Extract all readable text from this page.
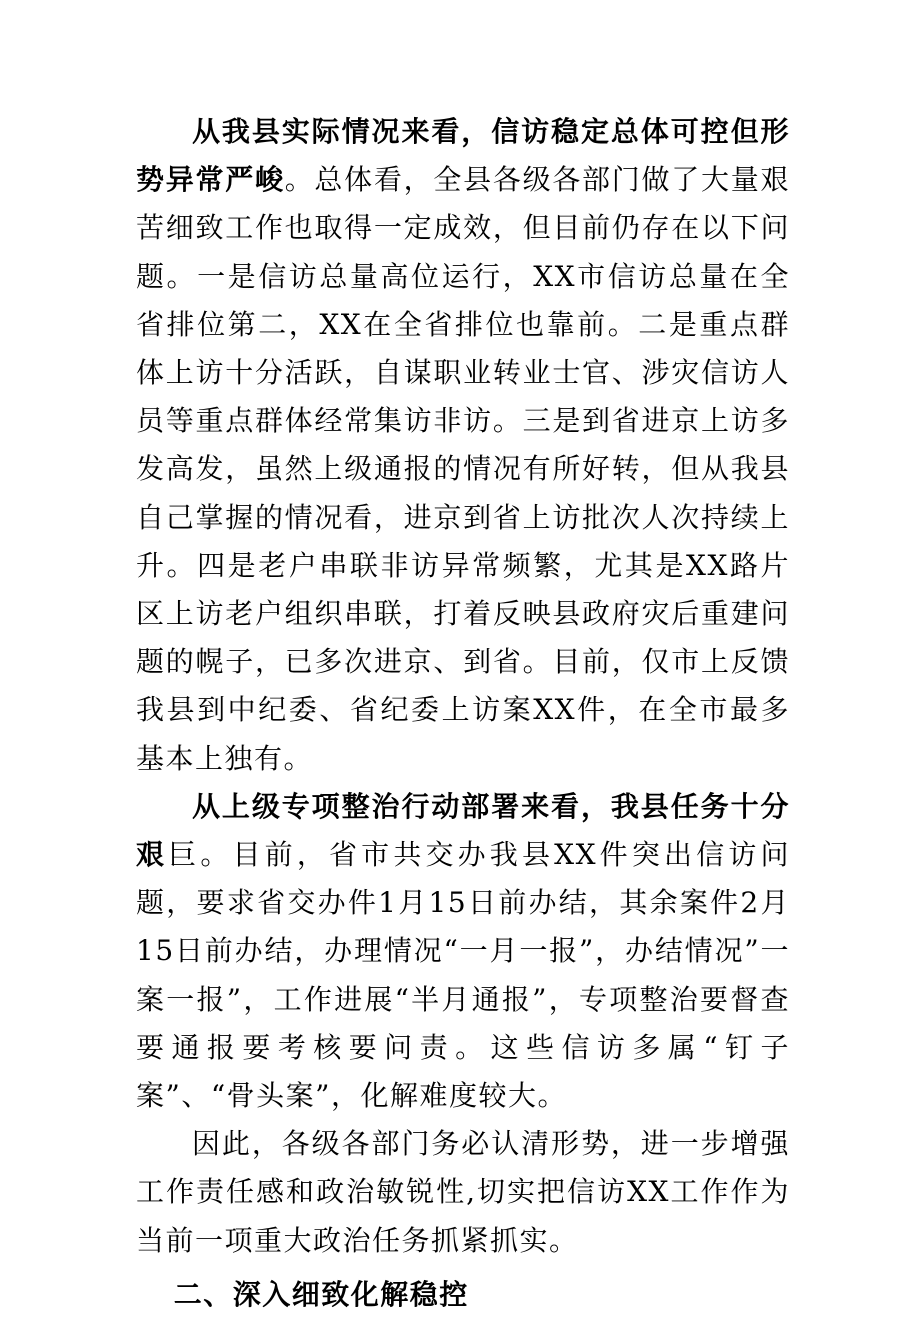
从我县实际情况来看，信访稳定总体可控但形势异常严峻。总体看，全县各级各部门做了大量艰苦细致工作也取得一定成效，但目前仍存在以下问题。一是信访总量高位运行，XX市信访总量在全省排位第二，XX在全省排位也靠前。二是重点群体上访十分活跃，自谋职业转业士官、涉灾信访人员等重点群体经常集访非访。三是到省进京上访多发高发，虽然上级通报的情况有所好转，但从我县自己掌握的情况看，进京到省上访批次人次持续上升。四是老户串联非访异常频繁，尤其是XX路片区上访老户组织串联，打着反映县政府灾后重建问题的幌子，已多次进京、到省。目前，仅市上反馈我县到中纪委、省纪委上访案XX件，在全市最多基本上独有。

从上级专项整治行动部署来看，我县任务十分艰巨。目前，省市共交办我县XX件突出信访问题，要求省交办件1月15日前办结，其余案件2月15日前办结，办理情况“一月一报”，办结情况”一案一报”，工作进展“半月通报”，专项整治要督查要通报要考核要问责。这些信访多属“钉子案”、“骨头案”，化解难度较大。

因此，各级各部门务必认清形势，进一步增强工作责任感和政治敏锐性,切实把信访XX工作作为当前一项重大政治任务抓紧抓实。

二、深入细致化解稳控
